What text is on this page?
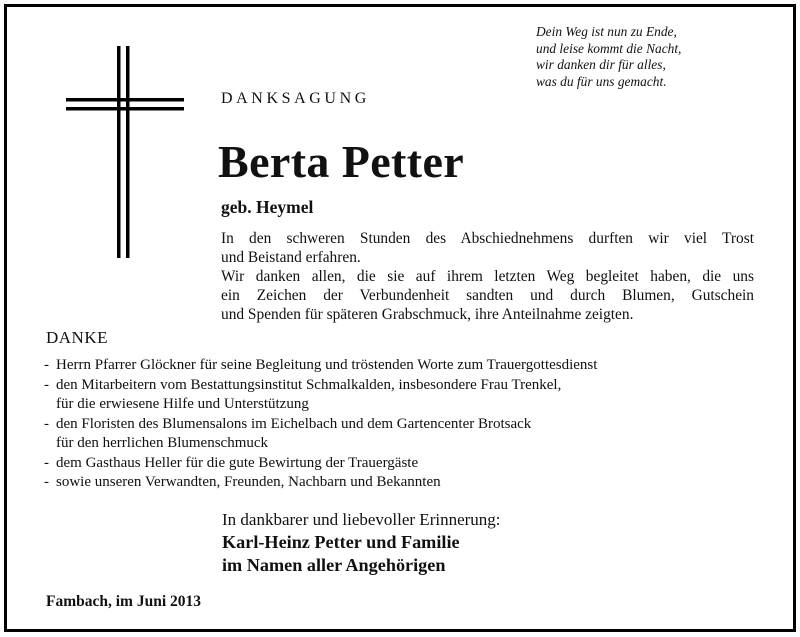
Dein Weg ist nun zu Ende,
und leise kommt die Nacht,
wir danken dir für alles,
was du für uns gemacht.
DANKSAGUNG
Berta Petter
geb. Heymel
In den schweren Stunden des Abschiednehmens durften wir viel Trost
und Beistand erfahren.
Wir danken allen, die sie auf ihrem letzten Weg begleitet haben, die uns
ein Zeichen der Verbundenheit sandten und durch Blumen, Gutschein
und Spenden für späteren Grabschmuck, ihre Anteilnahme zeigten.
DANKE
- Herrn Pfarrer Glöckner für seine Begleitung und tröstenden Worte zum Trauergottesdienst
- den Mitarbeitern vom Bestattungsinstitut Schmalkalden, insbesondere Frau Trenkel,
für die erwiesene Hilfe und Unterstützung
- den Floristen des Blumensalons im Eichelbach und dem Gartencenter Brotsack
für den herrlichen Blumenschmuck
- dem Gasthaus Heller für die gute Bewirtung der Trauergäste
- sowie unseren Verwandten, Freunden, Nachbarn und Bekannten
In dankbarer und liebevoller Erinnerung:
Karl-Heinz Petter und Familie
im Namen aller Angehörigen
Fambach, im Juni 2013
